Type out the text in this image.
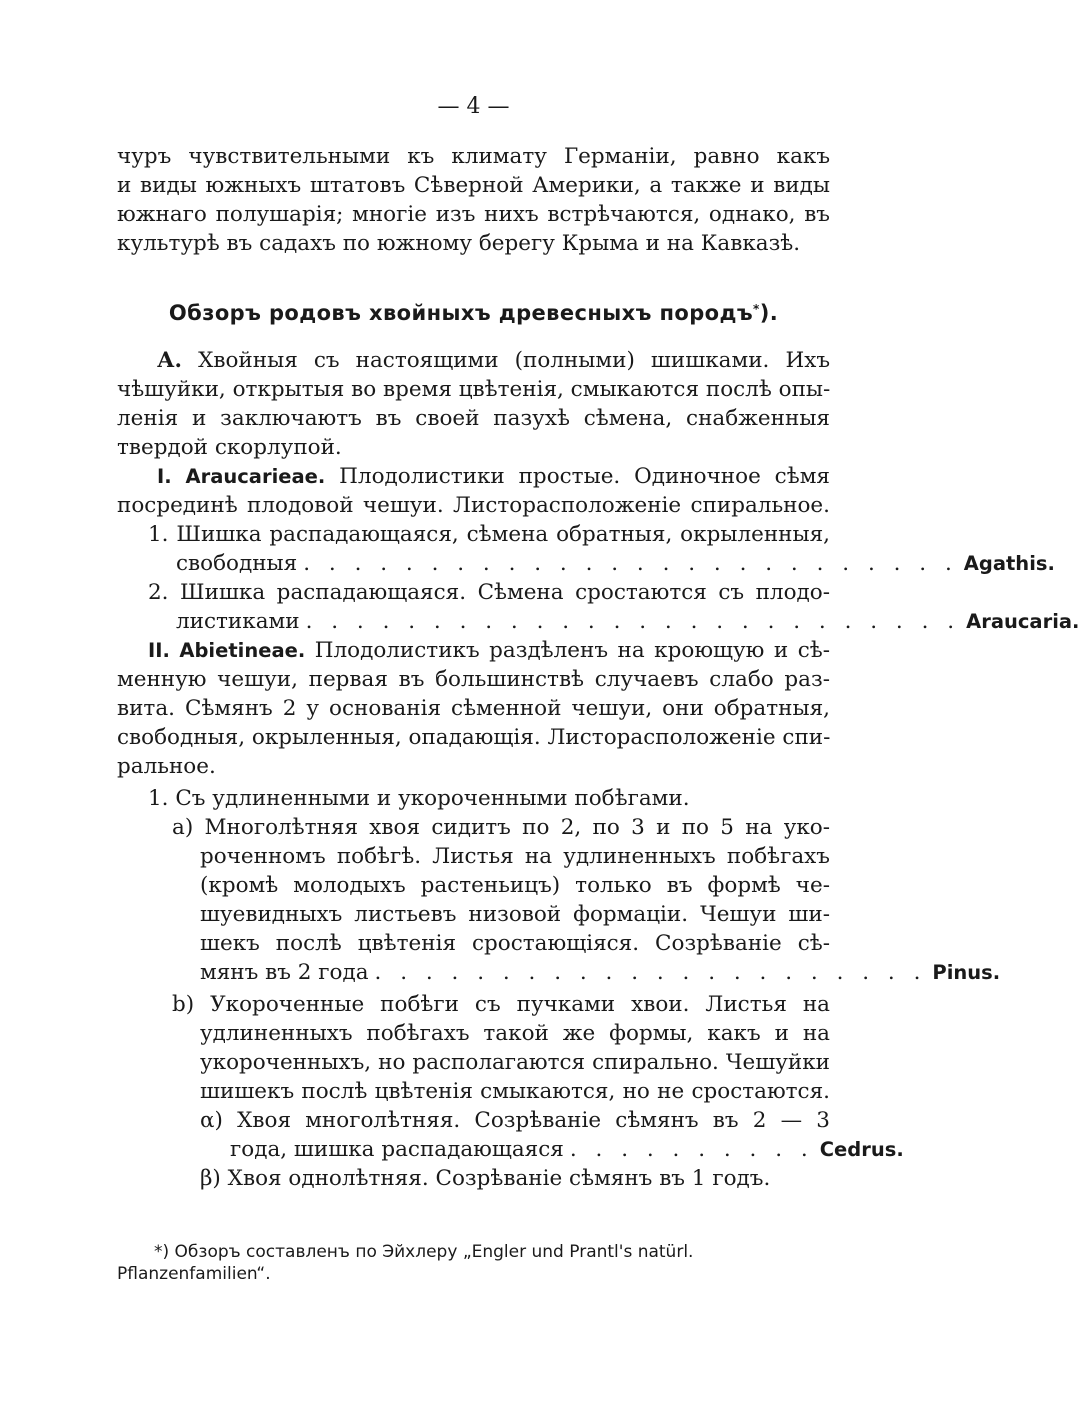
— 4 —
чуръ чувствительными къ климату Германіи, равно какъ
и виды южныхъ штатовъ Сѣверной Америки, а также и виды
южнаго полушарія; многіе изъ нихъ встрѣчаются, однако, въ
культурѣ въ садахъ по южному берегу Крыма и на Кавказѣ.
Обзоръ родовъ хвойныхъ древесныхъ породъ*).
А. Хвойныя съ настоящими (полными) шишками. Ихъ
чѣшуйки, открытыя во время цвѣтенія, смыкаются послѣ опы-
ленія и заключаютъ въ своей пазухѣ сѣмена, снабженныя
твердой скорлупой.
I. Araucarieae. Плодолистики простые. Одиночное сѣмя
посрединѣ плодовой чешуи. Листорасположеніе спиральное.
1. Шишка распадающаяся, сѣмена обратныя, окрыленныя,
свободныя . . . . . . . . . . . . . . . . . . . . . . . . . . Agathis.
2. Шишка распадающаяся. Сѣмена сростаются съ плодо-
листиками . . . . . . . . . . . . . . . . . . . . . . . . . . Araucaria.
II. Abietineae. Плодолистикъ раздѣленъ на кроющую и сѣ-
менную чешуи, первая въ большинствѣ случаевъ слабо раз-
вита. Сѣмянъ 2 у основанія сѣменной чешуи, они обратныя,
свободныя, окрыленныя, опадающія. Листорасположеніе спи-
ральное.
1. Съ удлиненными и укороченными побѣгами.
a) Многолѣтняя хвоя сидитъ по 2, по 3 и по 5 на уко-
роченномъ побѣгѣ. Листья на удлиненныхъ побѣгахъ
(кромѣ молодыхъ растеньицъ) только въ формѣ че-
шуевидныхъ листьевъ низовой формаціи. Чешуи ши-
шекъ послѣ цвѣтенія сростающіяся. Созрѣваніе сѣ-
мянъ въ 2 года . . . . . . . . . . . . . . . . . . . . . . Pinus.
b) Укороченные побѣги съ пучками хвои. Листья на
удлиненныхъ побѣгахъ такой же формы, какъ и на
укороченныхъ, но располагаются спирально. Чешуйки
шишекъ послѣ цвѣтенія смыкаются, но не сростаются.
α) Хвоя многолѣтняя. Созрѣваніе сѣмянъ въ 2 — 3
года, шишка распадающаяся . . . . . . . . . . Cedrus.
β) Хвоя однолѣтняя. Созрѣваніе сѣмянъ въ 1 годъ.
*) Обзоръ составленъ по Эйхлеру „Engler und Prantl's natürl.
Pflanzenfamilien“.
